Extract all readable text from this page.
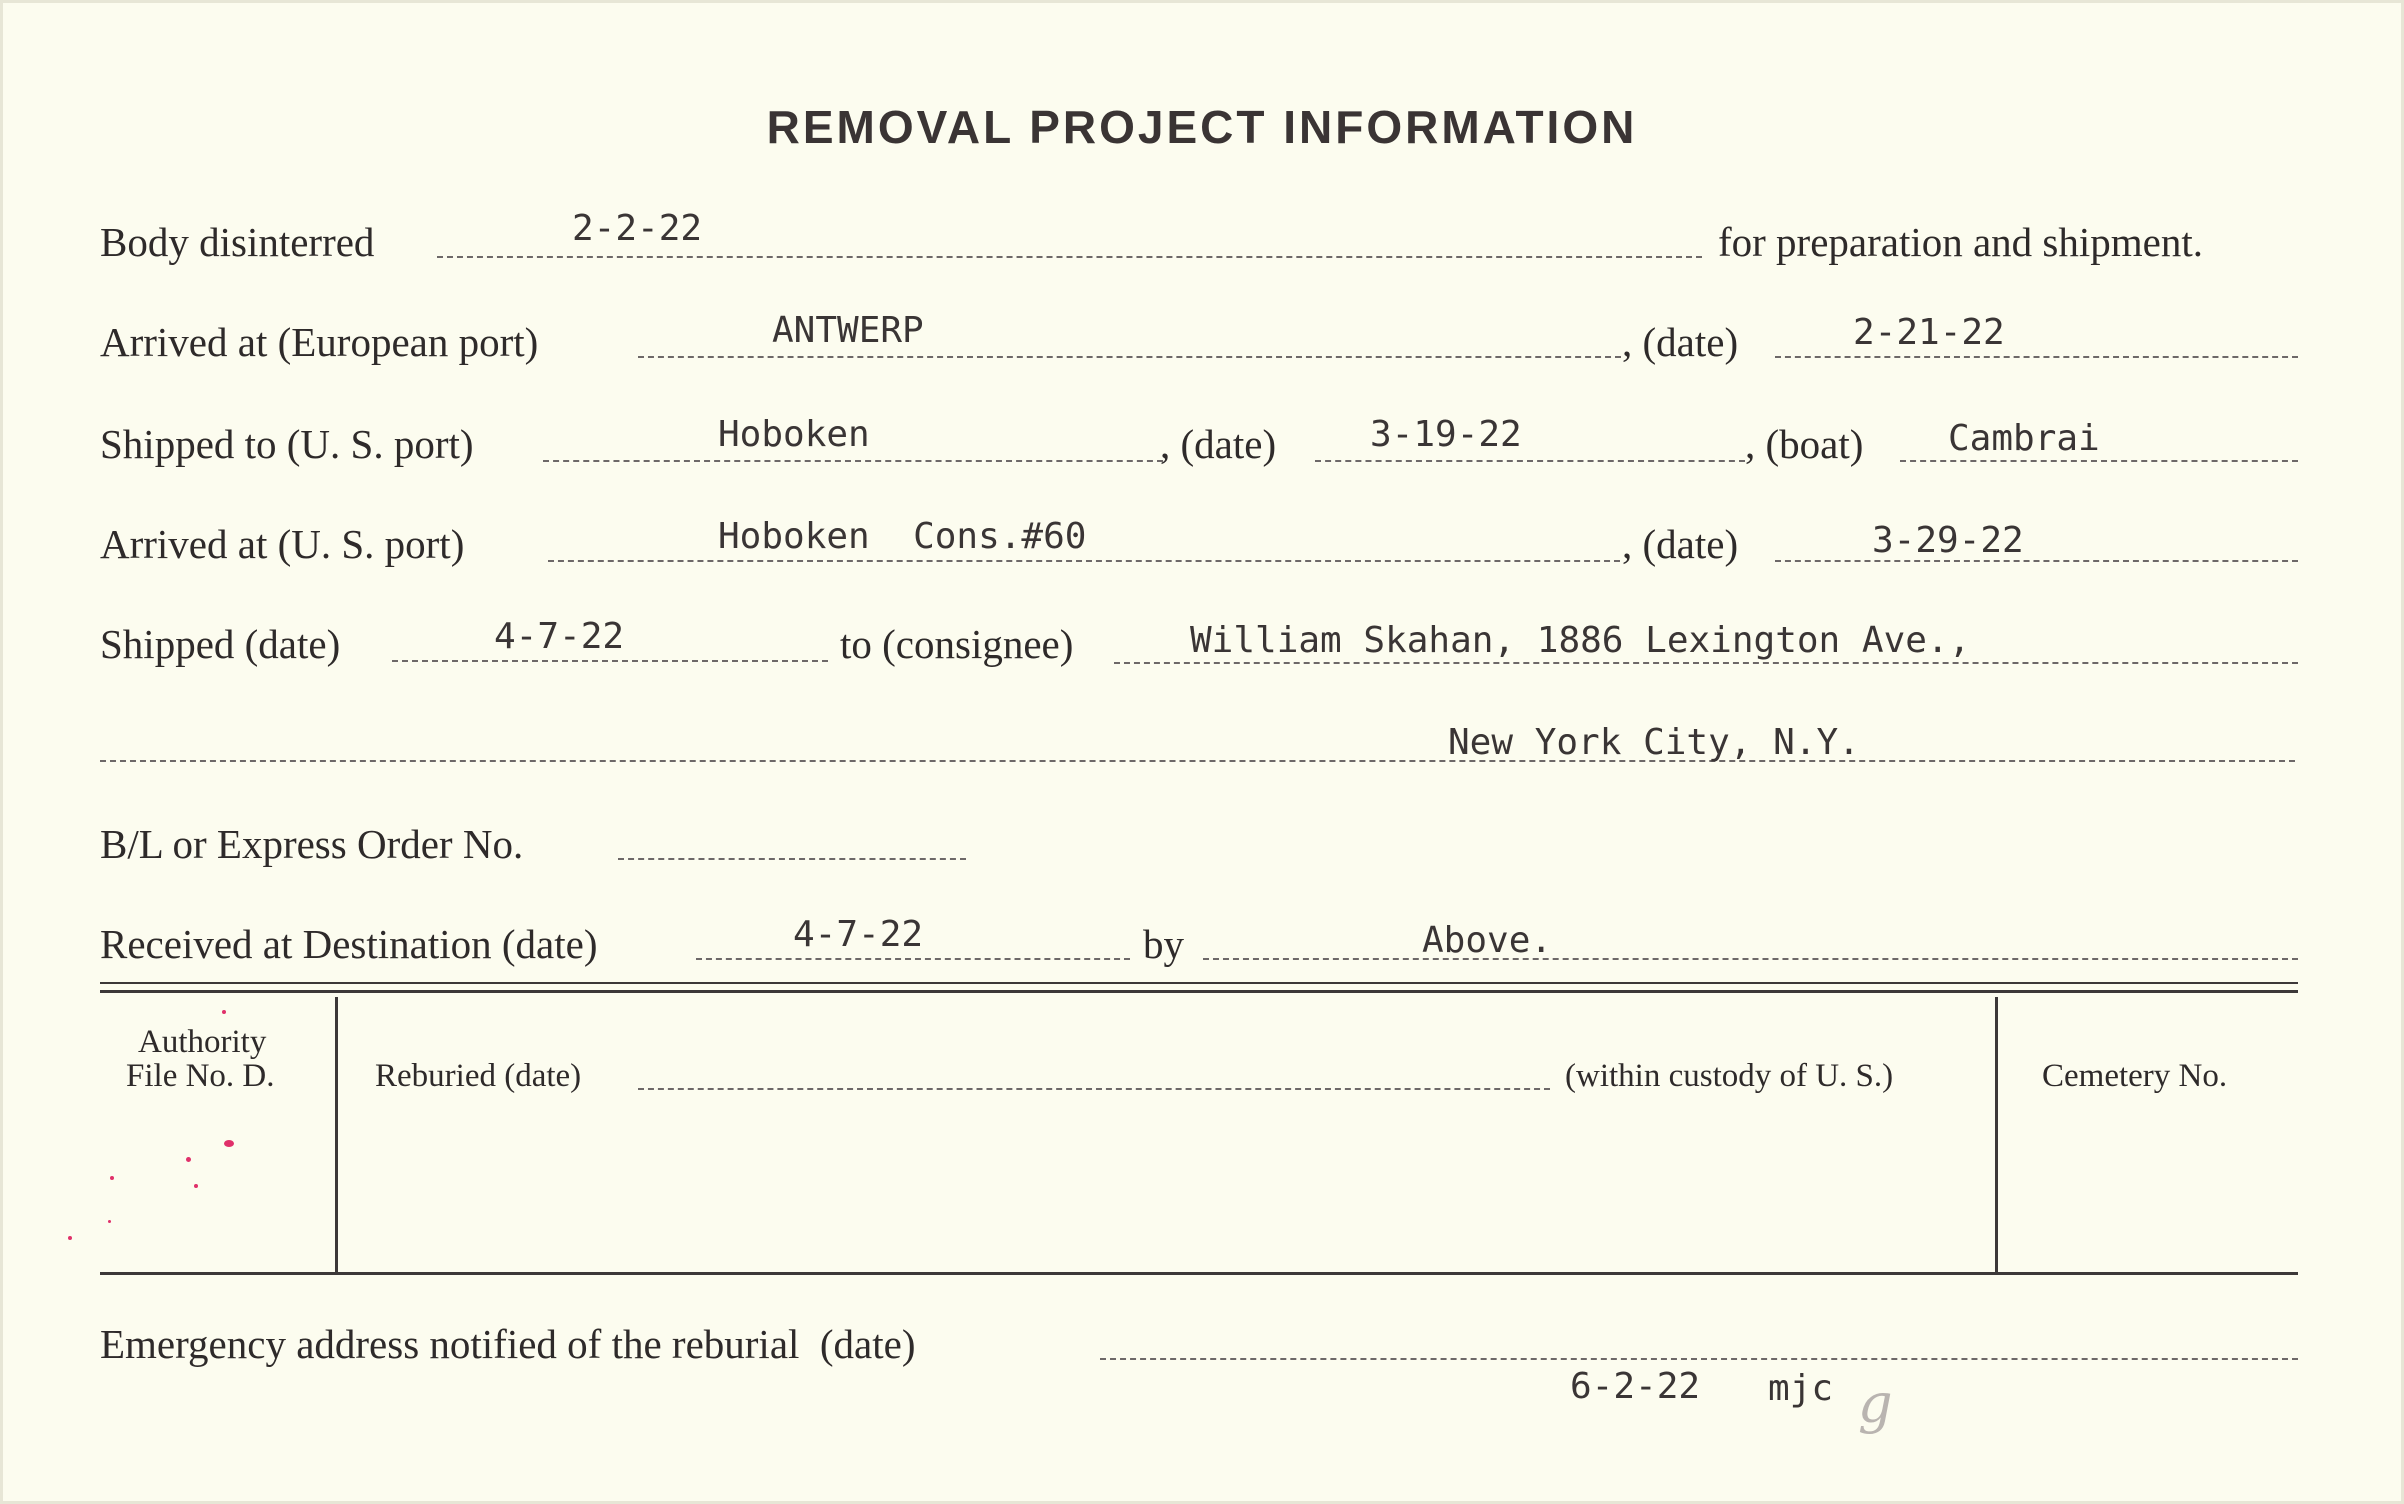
REMOVAL PROJECT INFORMATION
Body disinterred	2-2-22	for preparation and shipment.
Arrived at (European port)	ANTWERP	, (date)	2-21-22
Shipped to (U. S. port)	Hoboken	, (date)	3-19-22	, (boat) Cambrai
Arrived at (U. S. port)	Hoboken  Cons.#60	, (date)	3-29-22
Shipped (date)	4-7-22	to (consignee)	William Skahan, 1886 Lexington Ave.,
New York City, N.Y.
B/L or Express Order No.
Received at Destination (date)	4-7-22	by	Above.
Authority
File No. D.	Reburied (date)	(within custody of U. S.)	Cemetery No.
Emergency address notified of the reburial  (date)
6-2-22 mjc g
